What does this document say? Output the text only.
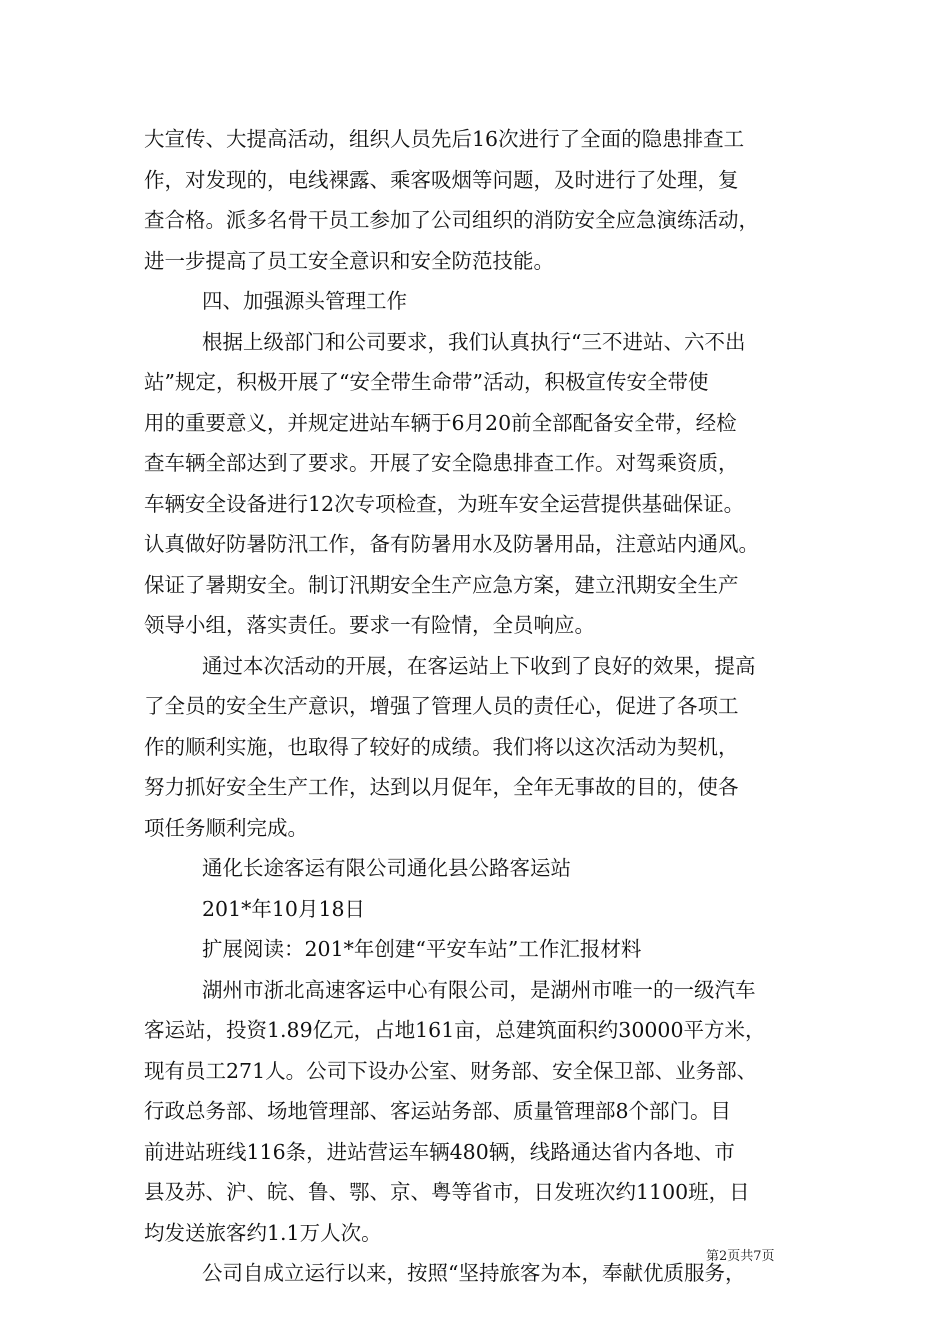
大宣传、大提高活动，组织人员先后16次进行了全面的隐患排查工
作，对发现的，电线裸露、乘客吸烟等问题，及时进行了处理，复
查合格。派多名骨干员工参加了公司组织的消防安全应急演练活动，
进一步提高了员工安全意识和安全防范技能。
四、加强源头管理工作
根据上级部门和公司要求，我们认真执行“三不进站、六不出
站”规定，积极开展了“安全带生命带”活动，积极宣传安全带使
用的重要意义，并规定进站车辆于6月20前全部配备安全带，经检
查车辆全部达到了要求。开展了安全隐患排查工作。对驾乘资质，
车辆安全设备进行12次专项检查，为班车安全运营提供基础保证。
认真做好防暑防汛工作，备有防暑用水及防暑用品，注意站内通风。
保证了暑期安全。制订汛期安全生产应急方案，建立汛期安全生产
领导小组，落实责任。要求一有险情，全员响应。
通过本次活动的开展，在客运站上下收到了良好的效果，提高
了全员的安全生产意识，增强了管理人员的责任心，促进了各项工
作的顺利实施，也取得了较好的成绩。我们将以这次活动为契机，
努力抓好安全生产工作，达到以月促年，全年无事故的目的，使各
项任务顺利完成。
通化长途客运有限公司通化县公路客运站
201*年10月18日
扩展阅读：201*年创建“平安车站”工作汇报材料
湖州市浙北高速客运中心有限公司，是湖州市唯一的一级汽车
客运站，投资1.89亿元，占地161亩，总建筑面积约30000平方米，
现有员工271人。公司下设办公室、财务部、安全保卫部、业务部、
行政总务部、场地管理部、客运站务部、质量管理部8个部门。目
前进站班线116条，进站营运车辆480辆，线路通达省内各地、市
县及苏、沪、皖、鲁、鄂、京、粤等省市，日发班次约1100班，日
均发送旅客约1.1万人次。
公司自成立运行以来，按照“坚持旅客为本，奉献优质服务，
第2页共7页
